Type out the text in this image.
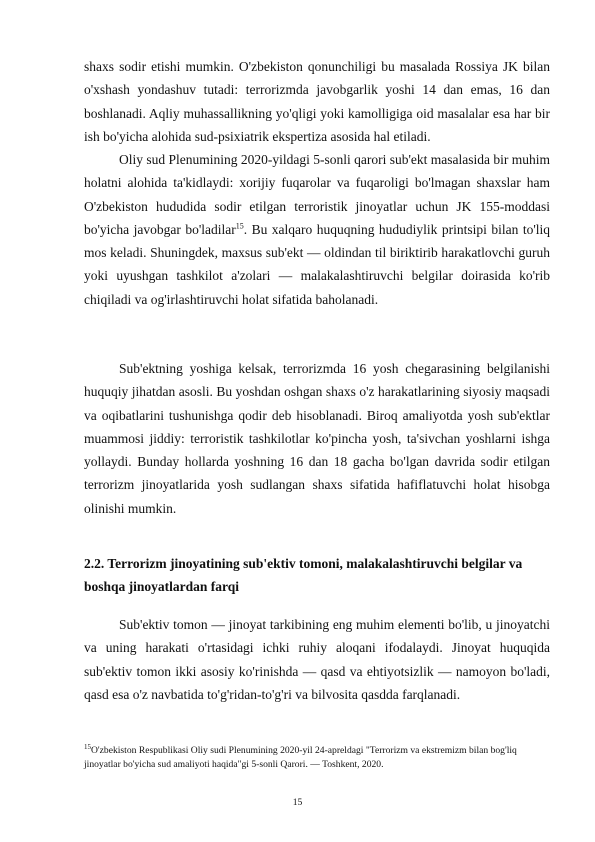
shaxs sodir etishi mumkin. O'zbekiston qonunchiligi bu masalada Rossiya JK bilan o'xshash yondashuv tutadi: terrorizmda javobgarlik yoshi 14 dan emas, 16 dan boshlanadi. Aqliy muhassallikning yo'qligi yoki kamolligiga oid masalalar esa har bir ish bo'yicha alohida sud-psixiatrik ekspertiza asosida hal etiladi.

Oliy sud Plenumining 2020-yildagi 5-sonli qarori sub'ekt masalasida bir muhim holatni alohida ta'kidlaydi: xorijiy fuqarolar va fuqaroligi bo'lmagan shaxslar ham O'zbekiston hududida sodir etilgan terroristik jinoyatlar uchun JK 155-moddasi bo'yicha javobgar bo'ladilar$^{15}$. Bu xalqaro huquqning hududiylik printsipi bilan to'liq mos keladi. Shuningdek, maxsus sub'ekt — oldindan til biriktirib harakatlovchi guruh yoki uyushgan tashkilot a'zolari — malakalashtiruvchi belgilar doirasida ko'rib chiqiladi va og'irlashtiruvchi holat sifatida baholanadi.

Sub'ektning yoshiga kelsak, terrorizmda 16 yosh chegarasining belgilanishi huquqiy jihatdan asosli. Bu yoshdan oshgan shaxs o'z harakatlarining siyosiy maqsadi va oqibatlarini tushunishga qodir deb hisoblanadi. Biroq amaliyotda yosh sub'ektlar muammosi jiddiy: terroristik tashkilotlar ko'pincha yosh, ta'sivchan yoshlarni ishga yollaydi. Bunday hollarda yoshning 16 dan 18 gacha bo'lgan davrida sodir etilgan terrorizm jinoyatlarida yosh sudlangan shaxs sifatida hafiflatuvchi holat hisobga olinishi mumkin.

2.2. Terrorizm jinoyatining sub'ektiv tomoni, malakalashtiruvchi belgilar va boshqa jinoyatlardan farqi

Sub'ektiv tomon — jinoyat tarkibining eng muhim elementi bo'lib, u jinoyatchi va uning harakati o'rtasidagi ichki ruhiy aloqani ifodalaydi. Jinoyat huquqida sub'ektiv tomon ikki asosiy ko'rinishda — qasd va ehtiyotsizlik — namoyon bo'ladi, qasd esa o'z navbatida to'g'ridan-to'g'ri va bilvosita qasdda farqlanadi.

$^{15}$O'zbekiston Respublikasi Oliy sudi Plenumining 2020-yil 24-apreldagi "Terrorizm va ekstremizm bilan bog'liq jinoyatlar bo'yicha sud amaliyoti haqida"gi 5-sonli Qarori. — Toshkent, 2020.

15
